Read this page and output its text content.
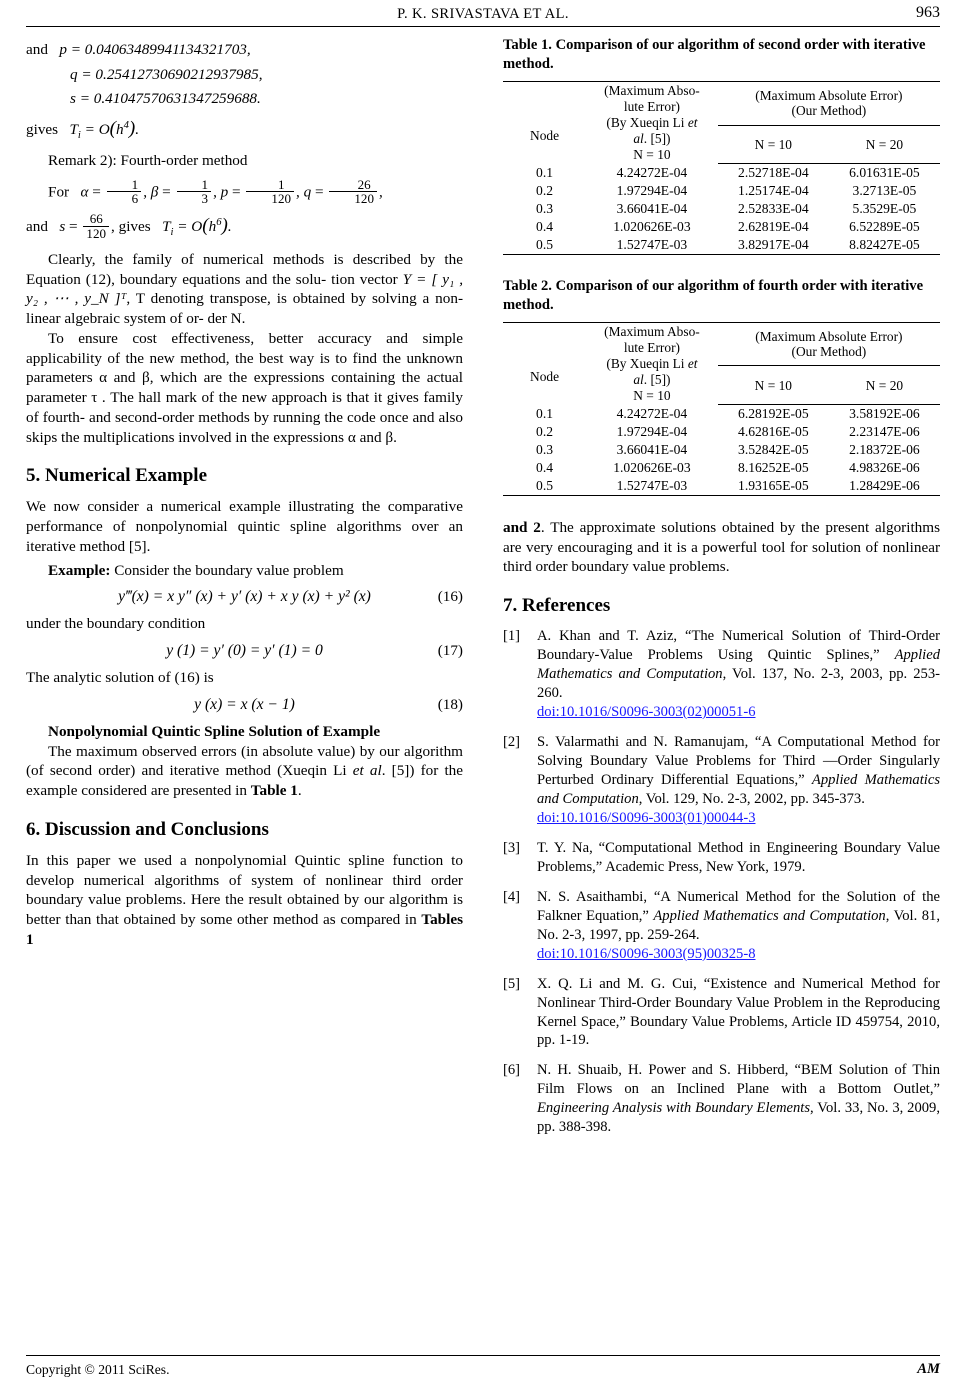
P. K. SRIVASTAVA ET AL.	963
and p = 0.04063489941134321703,
q = 0.25412730690212937985,
s = 0.41047570631347259688.
gives $T_i = O(h^4)$.

Remark 2): Fourth-order method

For $\alpha = \frac{1}{6}$ , $\beta = \frac{1}{3}$ , $p = \frac{1}{120}$ , $q = \frac{26}{120}$ ,
and $s = \frac{66}{120}$ , gives $T_i = O(h^6)$.

Clearly, the family of numerical methods is described by the Equation (12), boundary equations and the solu- tion vector Y = [ y₁ , y₂ , ⋯ , y_N ]ᵀ, T denoting transpose, is obtained by solving a non-linear algebraic system of or- der N.

To ensure cost effectiveness, better accuracy and simple applicability of the new method, the best way is to find the unknown parameters α and β, which are the expressions containing the actual parameter τ . The hall mark of the new approach is that it gives family of fourth- and second-order methods by running the code once and also skips the multiplications involved in the expressions α and β.

5. Numerical Example

We now consider a numerical example illustrating the comparative performance of nonpolynomial quintic spline algorithms over an iterative method [5].

Example: Consider the boundary value problem

y‴(x) = x y″ (x) + y′ (x) + x y (x) + y² (x)	(16)

under the boundary condition

y (1) = y′ (0) = y′ (1) = 0	(17)

The analytic solution of (16) is

y (x) = x (x − 1)	(18)

Nonpolynomial Quintic Spline Solution of Example

The maximum observed errors (in absolute value) by our algorithm (of second order) and iterative method (Xueqin Li et al. [5]) for the example considered are presented in Table 1.

6. Discussion and Conclusions

In this paper we used a nonpolynomial Quintic spline function to develop numerical algorithms of system of nonlinear third order boundary value problems. Here the result obtained by our algorithm is better than that obtained by some other method as compared in Tables 1

Table 1. Comparison of our algorithm of second order with iterative method.
Node

(Maximum Abso-
lute Error)
(By Xueqin Li et
al. [5])
N = 10

(Maximum Absolute Error)
(Our Method)

		N = 10	N = 20
0.1	4.24272E-04	2.52718E-04	6.01631E-05
0.2	1.97294E-04	1.25174E-04	3.2713E-05
0.3	3.66041E-04	2.52833E-04	5.3529E-05
0.4	1.020626E-03	2.62819E-04	6.52289E-05
0.5	1.52747E-03	3.82917E-04	8.82427E-05
Table 2. Comparison of our algorithm of fourth order with iterative method.
Node

(Maximum Abso-
lute Error)
(By Xueqin Li et
al. [5])
N = 10

(Maximum Absolute Error)
(Our Method)

		N = 10	N = 20
0.1	4.24272E-04	6.28192E-05	3.58192E-06
0.2	1.97294E-04	4.62816E-05	2.23147E-06
0.3	3.66041E-04	3.52842E-05	2.18372E-06
0.4	1.020626E-03	8.16252E-05	4.98326E-06
0.5	1.52747E-03	1.93165E-05	1.28429E-06

and 2. The approximate solutions obtained by the present algorithms are very encouraging and it is a powerful tool for solution of nonlinear third order boundary value problems.

7. References
[1]	A. Khan and T. Aziz, “The Numerical Solution of Third-Order Boundary-Value Problems Using Quintic Splines,” Applied Mathematics and Computation, Vol. 137, No. 2-3, 2003, pp. 253-260.
doi:10.1016/S0096-3003(02)00051-6
[2]	S. Valarmathi and N. Ramanujam, “A Computational Method for Solving Boundary Value Problems for Third —Order Singularly Perturbed Ordinary Differential Equations,” Applied Mathematics and Computation, Vol. 129, No. 2-3, 2002, pp. 345-373.
doi:10.1016/S0096-3003(01)00044-3
[3]	T. Y. Na, “Computational Method in Engineering Boundary Value Problems,” Academic Press, New York, 1979.
[4]	N. S. Asaithambi, “A Numerical Method for the Solution of the Falkner Equation,” Applied Mathematics and Computation, Vol. 81, No. 2-3, 1997, pp. 259-264.
doi:10.1016/S0096-3003(95)00325-8
[5]	X. Q. Li and M. G. Cui, “Existence and Numerical Method for Nonlinear Third-Order Boundary Value Problem in the Reproducing Kernel Space,” Boundary Value Problems, Article ID 459754, 2010, pp. 1-19.
[6]	N. H. Shuaib, H. Power and S. Hibberd, “BEM Solution of Thin Film Flows on an Inclined Plane with a Bottom Outlet,” Engineering Analysis with Boundary Elements, Vol. 33, No. 3, 2009, pp. 388-398.
Copyright © 2011 SciRes.	AM
